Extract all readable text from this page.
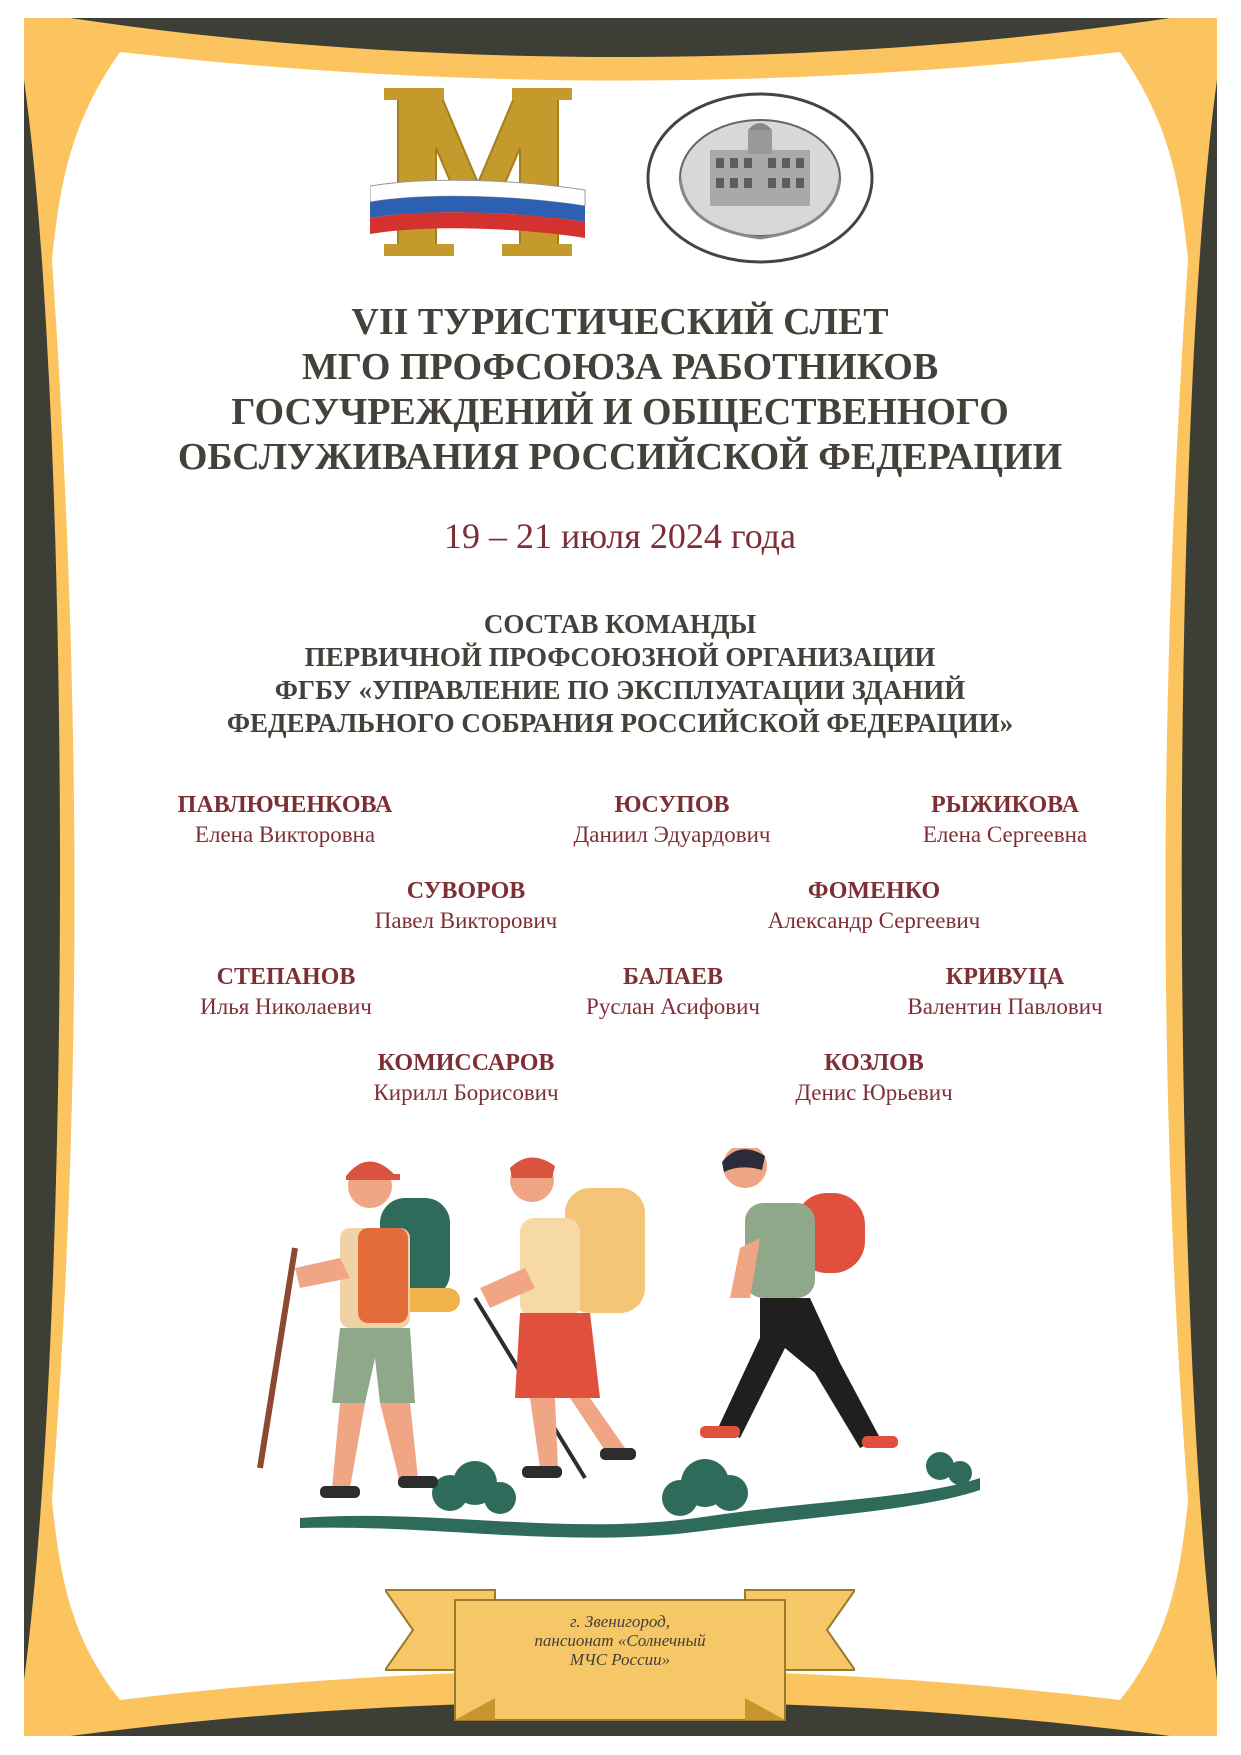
VII ТУРИСТИЧЕСКИЙ СЛЕТ
МГО ПРОФСОЮЗА РАБОТНИКОВ
ГОСУЧРЕЖДЕНИЙ И ОБЩЕСТВЕННОГО
ОБСЛУЖИВАНИЯ РОССИЙСКОЙ ФЕДЕРАЦИИ
19 – 21 июля 2024 года
СОСТАВ КОМАНДЫ
ПЕРВИЧНОЙ ПРОФСОЮЗНОЙ ОРГАНИЗАЦИИ
ФГБУ «УПРАВЛЕНИЕ ПО ЭКСПЛУАТАЦИИ ЗДАНИЙ
ФЕДЕРАЛЬНОГО СОБРАНИЯ РОССИЙСКОЙ ФЕДЕРАЦИИ»
ПАВЛЮЧЕНКОВА
Елена Викторовна
ЮСУПОВ
Даниил Эдуардович
РЫЖИКОВА
Елена Сергеевна
СУВОРОВ
Павел Викторович
ФОМЕНКО
Александр Сергеевич
СТЕПАНОВ
Илья Николаевич
БАЛАЕВ
Руслан Асифович
КРИВУЦА
Валентин Павлович
КОМИССАРОВ
Кирилл Борисович
КОЗЛОВ
Денис Юрьевич
г. Звенигород,
пансионат «Солнечный
МЧС России»
